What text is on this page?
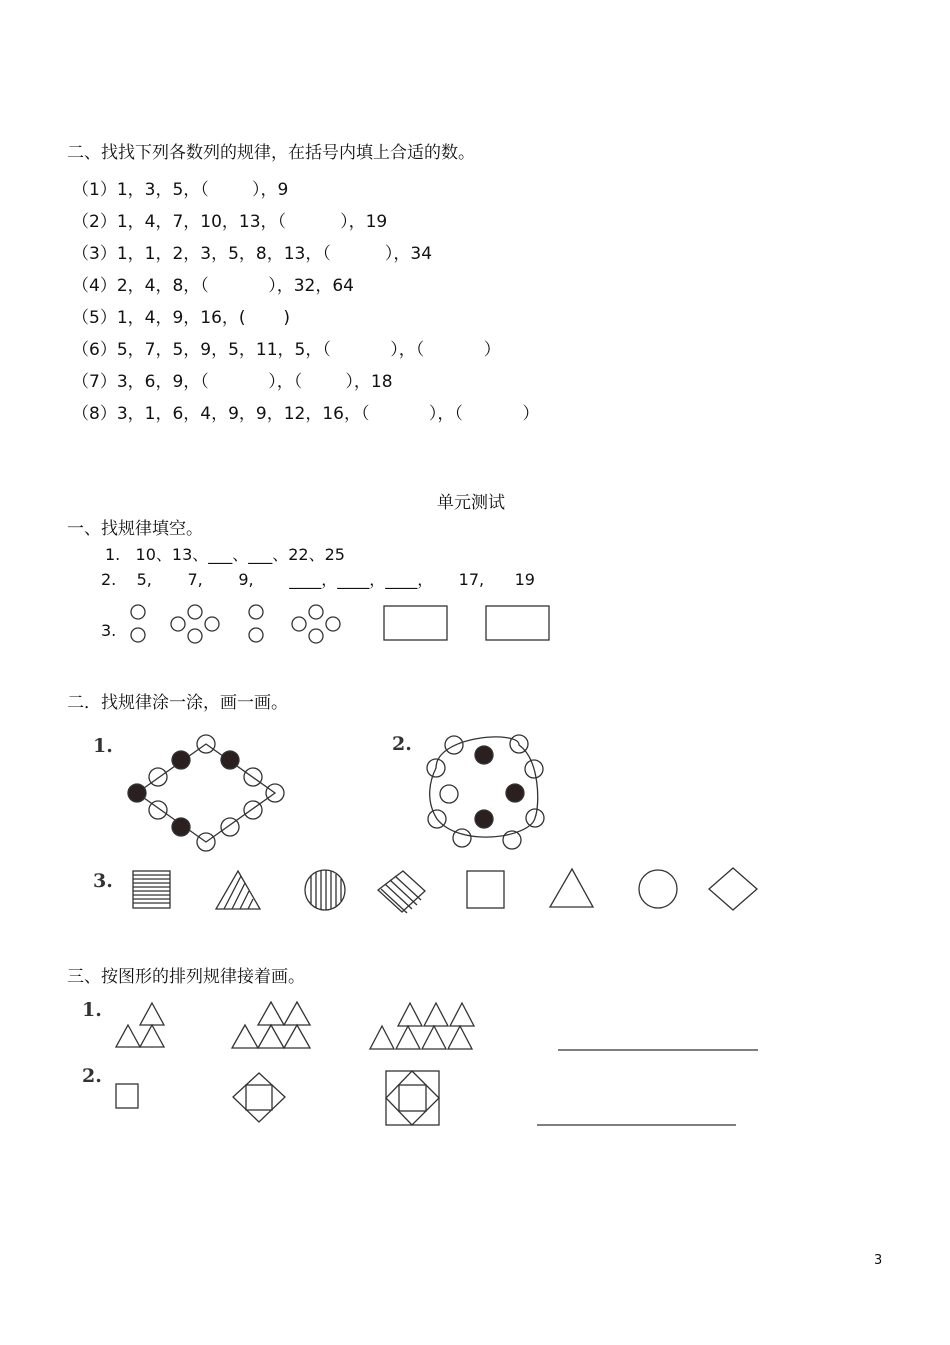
二、找找下列各数列的规律，在括号内填上合适的数。
（1）1，3，5，（        ），9
（2）1，4，7，10，13，（          ），19
（3）1，1，2，3，5，8，13，（          ），34
（4）2，4，8，（           ），32，64
（5）1，4，9，16，(       )
（6）5，7，5，9，5，11，5，（           ），（           ）
（7）3，6，9，（           ），（        ），18
（8）3，1，6，4，9，9，12，16，（           ），（           ）
单元测试
一、找规律填空。
1.   10、13、___、___、22、25
2.    5,       7,       9,       ____，____，____，     17,      19
3.
二．找规律涂一涂，画一画。
三、按图形的排列规律接着画。
3
1.	2.
3.
1.
2.
